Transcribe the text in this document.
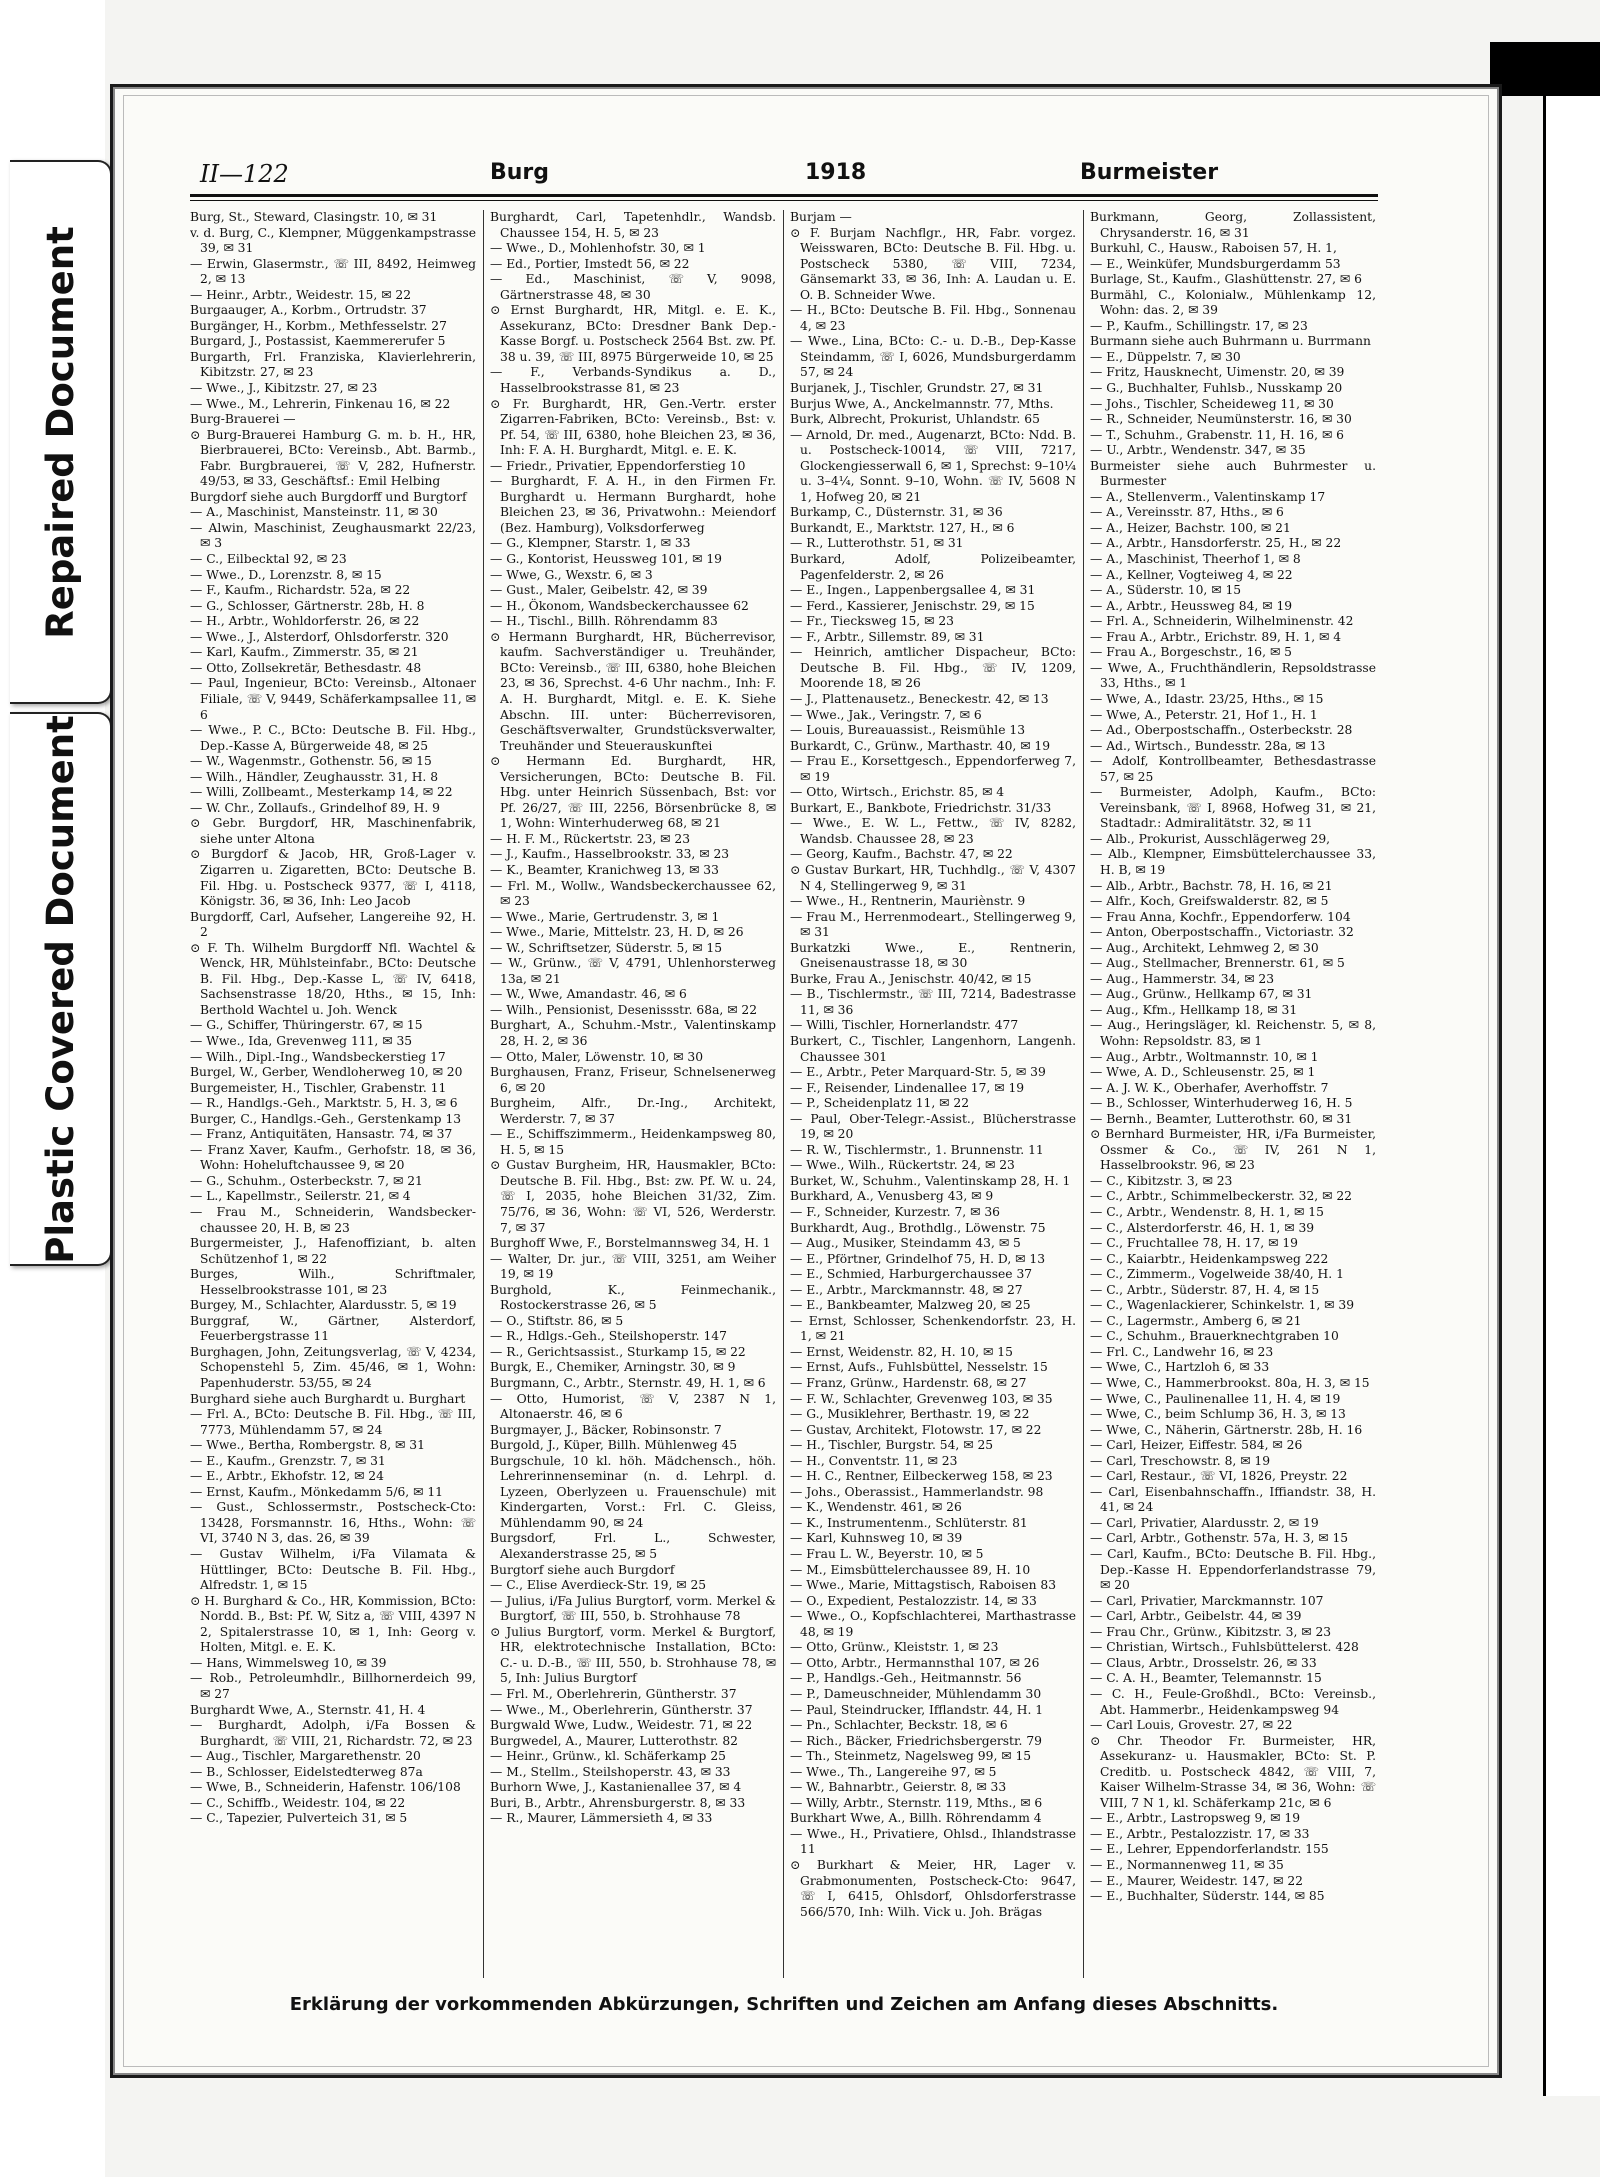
Repaired Document
Plastic Covered Document
II—122	Burg	1918	Burmeister

Burg, St., Steward, Clasingstr. 10, ✉ 31

v. d. Burg, C., Klempner, Müggenkampstrasse 39, ✉ 31

— Erwin, Glasermstr., ☏ III, 8492, Heimweg 2, ✉ 13

— Heinr., Arbtr., Weidestr. 15, ✉ 22

Burgaauger, A., Korbm., Ortrudstr. 37

Burgänger, H., Korbm., Methfesselstr. 27

Burgard, J., Postassist, Kaemmererufer 5

Burgarth, Frl. Franziska, Klavierlehrerin, Kibitzstr. 27, ✉ 23

— Wwe., J., Kibitzstr. 27, ✉ 23

— Wwe., M., Lehrerin, Finkenau 16, ✉ 22

Burg-Brauerei —

⊙ Burg-Brauerei Hamburg G. m. b. H., HR, Bierbrauerei, BCto: Vereinsb., Abt. Barmb., Fabr. Burgbrauerei, ☏ V, 282, Hufnerstr. 49/53, ✉ 33, Geschäftsf.: Emil Helbing

Burgdorf siehe auch Burgdorff und Burgtorf

— A., Maschinist, Mansteinstr. 11, ✉ 30

— Alwin, Maschinist, Zeughausmarkt 22/23, ✉ 3

— C., Eilbecktal 92, ✉ 23

— Wwe., D., Lorenzstr. 8, ✉ 15

— F., Kaufm., Richardstr. 52a, ✉ 22

— G., Schlosser, Gärtnerstr. 28b, H. 8

— H., Arbtr., Wohldorferstr. 26, ✉ 22

— Wwe., J., Alsterdorf, Ohlsdorferstr. 320

— Karl, Kaufm., Zimmerstr. 35, ✉ 21

— Otto, Zollsekretär, Bethesdastr. 48

— Paul, Ingenieur, BCto: Vereinsb., Altonaer Filiale, ☏ V, 9449, Schäferkampsallee 11, ✉ 6

— Wwe., P. C., BCto: Deutsche B. Fil. Hbg., Dep.-Kasse A, Bürgerweide 48, ✉ 25

— W., Wagenmstr., Gothenstr. 56, ✉ 15

— Wilh., Händler, Zeughausstr. 31, H. 8

— Willi, Zollbeamt., Mesterkamp 14, ✉ 22

— W. Chr., Zollaufs., Grindelhof 89, H. 9

⊙ Gebr. Burgdorf, HR, Maschinenfabrik, siehe unter Altona

⊙ Burgdorf & Jacob, HR, Groß-Lager v. Zigarren u. Zigaretten, BCto: Deutsche B. Fil. Hbg. u. Postscheck 9377, ☏ I, 4118, Königstr. 36, ✉ 36, Inh: Leo Jacob

Burgdorff, Carl, Aufseher, Langereihe 92, H. 2

⊙ F. Th. Wilhelm Burgdorff Nfl. Wachtel & Wenck, HR, Mühlsteinfabr., BCto: Deutsche B. Fil. Hbg., Dep.-Kasse L, ☏ IV, 6418, Sachsenstrasse 18/20, Hths., ✉ 15, Inh: Berthold Wachtel u. Joh. Wenck

— G., Schiffer, Thüringerstr. 67, ✉ 15

— Wwe., Ida, Grevenweg 111, ✉ 35

— Wilh., Dipl.-Ing., Wandsbeckerstieg 17

Burgel, W., Gerber, Wendloherweg 10, ✉ 20

Burgemeister, H., Tischler, Grabenstr. 11

— R., Handlgs.-Geh., Marktstr. 5, H. 3, ✉ 6

Burger, C., Handlgs.-Geh., Gerstenkamp 13

— Franz, Antiquitäten, Hansastr. 74, ✉ 37

— Franz Xaver, Kaufm., Gerhofstr. 18, ✉ 36, Wohn: Hoheluftchaussee 9, ✉ 20

— G., Schuhm., Osterbeckstr. 7, ✉ 21

— L., Kapellmstr., Seilerstr. 21, ✉ 4

— Frau M., Schneiderin, Wandsbecker-chaussee 20, H. B, ✉ 23

Burgermeister, J., Hafenoffiziant, b. alten Schützenhof 1, ✉ 22

Burges, Wilh., Schriftmaler, Hesselbrookstrasse 101, ✉ 23

Burgey, M., Schlachter, Alardusstr. 5, ✉ 19

Burggraf, W., Gärtner, Alsterdorf, Feuerbergstrasse 11

Burghagen, John, Zeitungsverlag, ☏ V, 4234, Schopenstehl 5, Zim. 45/46, ✉ 1, Wohn: Papenhuderstr. 53/55, ✉ 24

Burghard siehe auch Burghardt u. Burghart

— Frl. A., BCto: Deutsche B. Fil. Hbg., ☏ III, 7773, Mühlendamm 57, ✉ 24

— Wwe., Bertha, Rombergstr. 8, ✉ 31

— E., Kaufm., Grenzstr. 7, ✉ 31

— E., Arbtr., Ekhofstr. 12, ✉ 24

— Ernst, Kaufm., Mönkedamm 5/6, ✉ 11

— Gust., Schlossermstr., Postscheck-Cto: 13428, Forsmannstr. 16, Hths., Wohn: ☏ VI, 3740 N 3, das. 26, ✉ 39

— Gustav Wilhelm, i/Fa Vilamata & Hüttlinger, BCto: Deutsche B. Fil. Hbg., Alfredstr. 1, ✉ 15

⊙ H. Burghard & Co., HR, Kommission, BCto: Nordd. B., Bst: Pf. W, Sitz a, ☏ VIII, 4397 N 2, Spitalerstrasse 10, ✉ 1, Inh: Georg v. Holten, Mitgl. e. E. K.

— Hans, Wimmelsweg 10, ✉ 39

— Rob., Petroleumhdlr., Billhornerdeich 99, ✉ 27

Burghardt Wwe, A., Sternstr. 41, H. 4

— Burghardt, Adolph, i/Fa Bossen & Burghardt, ☏ VIII, 21, Richardstr. 72, ✉ 23

— Aug., Tischler, Margarethenstr. 20

— B., Schlosser, Eidelstedterweg 87a

— Wwe, B., Schneiderin, Hafenstr. 106/108

— C., Schiffb., Weidestr. 104, ✉ 22

— C., Tapezier, Pulverteich 31, ✉ 5

Burghardt, Carl, Tapetenhdlr., Wandsb. Chaussee 154, H. 5, ✉ 23

— Wwe., D., Mohlenhofstr. 30, ✉ 1

— Ed., Portier, Imstedt 56, ✉ 22

— Ed., Maschinist, ☏ V, 9098, Gärtnerstrasse 48, ✉ 30

⊙ Ernst Burghardt, HR, Mitgl. e. E. K., Assekuranz, BCto: Dresdner Bank Dep.-Kasse Borgf. u. Postscheck 2564 Bst. zw. Pf. 38 u. 39, ☏ III, 8975 Bürgerweide 10, ✉ 25

— F., Verbands-Syndikus a. D., Hasselbrookstrasse 81, ✉ 23

⊙ Fr. Burghardt, HR, Gen.-Vertr. erster Zigarren-Fabriken, BCto: Vereinsb., Bst: v. Pf. 54, ☏ III, 6380, hohe Bleichen 23, ✉ 36, Inh: F. A. H. Burghardt, Mitgl. e. E. K.

— Friedr., Privatier, Eppendorferstieg 10

— Burghardt, F. A. H., in den Firmen Fr. Burghardt u. Hermann Burghardt, hohe Bleichen 23, ✉ 36, Privatwohn.: Meiendorf (Bez. Hamburg), Volksdorferweg

— G., Klempner, Starstr. 1, ✉ 33

— G., Kontorist, Heussweg 101, ✉ 19

— Wwe, G., Wexstr. 6, ✉ 3

— Gust., Maler, Geibelstr. 42, ✉ 39

— H., Ökonom, Wandsbeckerchaussee 62

— H., Tischl., Billh. Röhrendamm 83

⊙ Hermann Burghardt, HR, Bücherrevisor, kaufm. Sachverständiger u. Treuhänder, BCto: Vereinsb., ☏ III, 6380, hohe Bleichen 23, ✉ 36, Sprechst. 4-6 Uhr nachm., Inh: F. A. H. Burghardt, Mitgl. e. E. K. Siehe Abschn. III. unter: Bücherrevisoren, Geschäftsverwalter, Grundstücksverwalter, Treuhänder und Steuerauskunftei

⊙ Hermann Ed. Burghardt, HR, Versicherungen, BCto: Deutsche B. Fil. Hbg. unter Heinrich Süssenbach, Bst: vor Pf. 26/27, ☏ III, 2256, Börsenbrücke 8, ✉ 1, Wohn: Winterhuderweg 68, ✉ 21

— H. F. M., Rückertstr. 23, ✉ 23

— J., Kaufm., Hasselbrookstr. 33, ✉ 23

— K., Beamter, Kranichweg 13, ✉ 33

— Frl. M., Wollw., Wandsbeckerchaussee 62, ✉ 23

— Wwe., Marie, Gertrudenstr. 3, ✉ 1

— Wwe., Marie, Mittelstr. 23, H. D, ✉ 26

— W., Schriftsetzer, Süderstr. 5, ✉ 15

— W., Grünw., ☏ V, 4791, Uhlenhorsterweg 13a, ✉ 21

— W., Wwe, Amandastr. 46, ✉ 6

— Wilh., Pensionist, Desenissstr. 68a, ✉ 22

Burghart, A., Schuhm.-Mstr., Valentinskamp 28, H. 2, ✉ 36

— Otto, Maler, Löwenstr. 10, ✉ 30

Burghausen, Franz, Friseur, Schnelsenerweg 6, ✉ 20

Burgheim, Alfr., Dr.-Ing., Architekt, Werderstr. 7, ✉ 37

— E., Schiffszimmerm., Heidenkampsweg 80, H. 5, ✉ 15

⊙ Gustav Burgheim, HR, Hausmakler, BCto: Deutsche B. Fil. Hbg., Bst: zw. Pf. W. u. 24, ☏ I, 2035, hohe Bleichen 31/32, Zim. 75/76, ✉ 36, Wohn: ☏ VI, 526, Werderstr. 7, ✉ 37

Burghoff Wwe, F., Borstelmannsweg 34, H. 1

— Walter, Dr. jur., ☏ VIII, 3251, am Weiher 19, ✉ 19

Burghold, K., Feinmechanik., Rostockerstrasse 26, ✉ 5

— O., Stiftstr. 86, ✉ 5

— R., Hdlgs.-Geh., Steilshoperstr. 147

— R., Gerichtsassist., Sturkamp 15, ✉ 22

Burgk, E., Chemiker, Arningstr. 30, ✉ 9

Burgmann, C., Arbtr., Sternstr. 49, H. 1, ✉ 6

— Otto, Humorist, ☏ V, 2387 N 1, Altonaerstr. 46, ✉ 6

Burgmayer, J., Bäcker, Robinsonstr. 7

Burgold, J., Küper, Billh. Mühlenweg 45

Burgschule, 10 kl. höh. Mädchensch., höh. Lehrerinnenseminar (n. d. Lehrpl. d. Lyzeen, Oberlyzeen u. Frauenschule) mit Kindergarten, Vorst.: Frl. C. Gleiss, Mühlendamm 90, ✉ 24

Burgsdorf, Frl. L., Schwester, Alexanderstrasse 25, ✉ 5

Burgtorf siehe auch Burgdorf

— C., Elise Averdieck-Str. 19, ✉ 25

— Julius, i/Fa Julius Burgtorf, vorm. Merkel & Burgtorf, ☏ III, 550, b. Strohhause 78

⊙ Julius Burgtorf, vorm. Merkel & Burgtorf, HR, elektrotechnische Installation, BCto: C.- u. D.-B., ☏ III, 550, b. Strohhause 78, ✉ 5, Inh: Julius Burgtorf

— Frl. M., Oberlehrerin, Güntherstr. 37

— Wwe., M., Oberlehrerin, Güntherstr. 37

Burgwald Wwe, Ludw., Weidestr. 71, ✉ 22

Burgwedel, A., Maurer, Lutterothstr. 82

— Heinr., Grünw., kl. Schäferkamp 25

— M., Stellm., Steilshoperstr. 43, ✉ 33

Burhorn Wwe, J., Kastanienallee 37, ✉ 4

Buri, B., Arbtr., Ahrensburgerstr. 8, ✉ 33

— R., Maurer, Lämmersieth 4, ✉ 33

Burjam —

⊙ F. Burjam Nachflgr., HR, Fabr. vorgez. Weisswaren, BCto: Deutsche B. Fil. Hbg. u. Postscheck 5380, ☏ VIII, 7234, Gänsemarkt 33, ✉ 36, Inh: A. Laudan u. E. O. B. Schneider Wwe.

— H., BCto: Deutsche B. Fil. Hbg., Sonnenau 4, ✉ 23

— Wwe., Lina, BCto: C.- u. D.-B., Dep-Kasse Steindamm, ☏ I, 6026, Mundsburgerdamm 57, ✉ 24

Burjanek, J., Tischler, Grundstr. 27, ✉ 31

Burjus Wwe, A., Anckelmannstr. 77, Mths.

Burk, Albrecht, Prokurist, Uhlandstr. 65

— Arnold, Dr. med., Augenarzt, BCto: Ndd. B. u. Postscheck-10014, ☏ VIII, 7217, Glockengiesserwall 6, ✉ 1, Sprechst: 9–10¼ u. 3–4¼, Sonnt. 9–10, Wohn. ☏ IV, 5608 N 1, Hofweg 20, ✉ 21

Burkamp, C., Düsternstr. 31, ✉ 36

Burkandt, E., Marktstr. 127, H., ✉ 6

— R., Lutterothstr. 51, ✉ 31

Burkard, Adolf, Polizeibeamter, Pagenfelderstr. 2, ✉ 26

— E., Ingen., Lappenbergsallee 4, ✉ 31

— Ferd., Kassierer, Jenischstr. 29, ✉ 15

— Fr., Tiecksweg 15, ✉ 23

— F., Arbtr., Sillemstr. 89, ✉ 31

— Heinrich, amtlicher Dispacheur, BCto: Deutsche B. Fil. Hbg., ☏ IV, 1209, Moorende 18, ✉ 26

— J., Plattenausetz., Beneckestr. 42, ✉ 13

— Wwe., Jak., Veringstr. 7, ✉ 6

— Louis, Bureauassist., Reismühle 13

Burkardt, C., Grünw., Marthastr. 40, ✉ 19

— Frau E., Korsettgesch., Eppendorferweg 7, ✉ 19

— Otto, Wirtsch., Erichstr. 85, ✉ 4

Burkart, E., Bankbote, Friedrichstr. 31/33

— Wwe., E. W. L., Fettw., ☏ IV, 8282, Wandsb. Chaussee 28, ✉ 23

— Georg, Kaufm., Bachstr. 47, ✉ 22

⊙ Gustav Burkart, HR, Tuchhdlg., ☏ V, 4307 N 4, Stellingerweg 9, ✉ 31

— Wwe., H., Rentnerin, Mauriènstr. 9

— Frau M., Herrenmodeart., Stellingerweg 9, ✉ 31

Burkatzki Wwe., E., Rentnerin, Gneisenaustrasse 18, ✉ 30

Burke, Frau A., Jenischstr. 40/42, ✉ 15

— B., Tischlermstr., ☏ III, 7214, Badestrasse 11, ✉ 36

— Willi, Tischler, Hornerlandstr. 477

Burkert, C., Tischler, Langenhorn, Langenh. Chaussee 301

— E., Arbtr., Peter Marquard-Str. 5, ✉ 39

— F., Reisender, Lindenallee 17, ✉ 19

— P., Scheidenplatz 11, ✉ 22

— Paul, Ober-Telegr.-Assist., Blücherstrasse 19, ✉ 20

— R. W., Tischlermstr., 1. Brunnenstr. 11

— Wwe., Wilh., Rückertstr. 24, ✉ 23

Burket, W., Schuhm., Valentinskamp 28, H. 1

Burkhard, A., Venusberg 43, ✉ 9

— F., Schneider, Kurzestr. 7, ✉ 36

Burkhardt, Aug., Brothdlg., Löwenstr. 75

— Aug., Musiker, Steindamm 43, ✉ 5

— E., Pförtner, Grindelhof 75, H. D, ✉ 13

— E., Schmied, Harburgerchaussee 37

— E., Arbtr., Marckmannstr. 48, ✉ 27

— E., Bankbeamter, Malzweg 20, ✉ 25

— Ernst, Schlosser, Schenkendorfstr. 23, H. 1, ✉ 21

— Ernst, Weidenstr. 82, H. 10, ✉ 15

— Ernst, Aufs., Fuhlsbüttel, Nesselstr. 15

— Franz, Grünw., Hardenstr. 68, ✉ 27

— F. W., Schlachter, Grevenweg 103, ✉ 35

— G., Musiklehrer, Berthastr. 19, ✉ 22

— Gustav, Architekt, Flotowstr. 17, ✉ 22

— H., Tischler, Burgstr. 54, ✉ 25

— H., Conventstr. 11, ✉ 23

— H. C., Rentner, Eilbeckerweg 158, ✉ 23

— Johs., Oberassist., Hammerlandstr. 98

— K., Wendenstr. 461, ✉ 26

— K., Instrumentenm., Schlüterstr. 81

— Karl, Kuhnsweg 10, ✉ 39

— Frau L. W., Beyerstr. 10, ✉ 5

— M., Eimsbüttelerchaussee 89, H. 10

— Wwe., Marie, Mittagstisch, Raboisen 83

— O., Expedient, Pestalozzistr. 14, ✉ 33

— Wwe., O., Kopfschlachterei, Marthastrasse 48, ✉ 19

— Otto, Grünw., Kleiststr. 1, ✉ 23

— Otto, Arbtr., Hermannsthal 107, ✉ 26

— P., Handlgs.-Geh., Heitmannstr. 56

— P., Dameuschneider, Mühlendamm 30

— Paul, Steindrucker, Ifflandstr. 44, H. 1

— Pn., Schlachter, Beckstr. 18, ✉ 6

— Rich., Bäcker, Friedrichsbergerstr. 79

— Th., Steinmetz, Nagelsweg 99, ✉ 15

— Wwe., Th., Langereihe 97, ✉ 5

— W., Bahnarbtr., Geierstr. 8, ✉ 33

— Willy, Arbtr., Sternstr. 119, Mths., ✉ 6

Burkhart Wwe, A., Billh. Röhrendamm 4

— Wwe., H., Privatiere, Ohlsd., Ihlandstrasse 11

⊙ Burkhart & Meier, HR, Lager v. Grabmonumenten, Postscheck-Cto: 9647, ☏ I, 6415, Ohlsdorf, Ohlsdorferstrasse 566/570, Inh: Wilh. Vick u. Joh. Brägas

Burkmann, Georg, Zollassistent, Chrysanderstr. 16, ✉ 31

Burkuhl, C., Hausw., Raboisen 57, H. 1,

— E., Weinküfer, Mundsburgerdamm 53

Burlage, St., Kaufm., Glashüttenstr. 27, ✉ 6

Burmähl, C., Kolonialw., Mühlenkamp 12, Wohn: das. 2, ✉ 39

— P., Kaufm., Schillingstr. 17, ✉ 23

Burmann siehe auch Buhrmann u. Burrmann

— E., Düppelstr. 7, ✉ 30

— Fritz, Hausknecht, Uimenstr. 20, ✉ 39

— G., Buchhalter, Fuhlsb., Nusskamp 20

— Johs., Tischler, Scheideweg 11, ✉ 30

— R., Schneider, Neumünsterstr. 16, ✉ 30

— T., Schuhm., Grabenstr. 11, H. 16, ✉ 6

— U., Arbtr., Wendenstr. 347, ✉ 35

Burmeister siehe auch Buhrmester u. Burmester

— A., Stellenverm., Valentinskamp 17

— A., Vereinsstr. 87, Hths., ✉ 6

— A., Heizer, Bachstr. 100, ✉ 21

— A., Arbtr., Hansdorferstr. 25, H., ✉ 22

— A., Maschinist, Theerhof 1, ✉ 8

— A., Kellner, Vogteiweg 4, ✉ 22

— A., Süderstr. 10, ✉ 15

— A., Arbtr., Heussweg 84, ✉ 19

— Frl. A., Schneiderin, Wilhelminenstr. 42

— Frau A., Arbtr., Erichstr. 89, H. 1, ✉ 4

— Frau A., Borgeschstr., 16, ✉ 5

— Wwe, A., Fruchthändlerin, Repsoldstrasse 33, Hths., ✉ 1

— Wwe, A., Idastr. 23/25, Hths., ✉ 15

— Wwe, A., Peterstr. 21, Hof 1., H. 1

— Ad., Oberpostschaffn., Osterbeckstr. 28

— Ad., Wirtsch., Bundesstr. 28a, ✉ 13

— Adolf, Kontrollbeamter, Bethesdastrasse 57, ✉ 25

— Burmeister, Adolph, Kaufm., BCto: Vereinsbank, ☏ I, 8968, Hofweg 31, ✉ 21, Stadtadr.: Admiralitätstr. 32, ✉ 11

— Alb., Prokurist, Ausschlägerweg 29,

— Alb., Klempner, Eimsbüttelerchaussee 33, H. B, ✉ 19

— Alb., Arbtr., Bachstr. 78, H. 16, ✉ 21

— Alfr., Koch, Greifswalderstr. 82, ✉ 5

— Frau Anna, Kochfr., Eppendorferw. 104

— Anton, Oberpostschaffn., Victoriastr. 32

— Aug., Architekt, Lehmweg 2, ✉ 30

— Aug., Stellmacher, Brennerstr. 61, ✉ 5

— Aug., Hammerstr. 34, ✉ 23

— Aug., Grünw., Hellkamp 67, ✉ 31

— Aug., Kfm., Hellkamp 18, ✉ 31

— Aug., Heringsläger, kl. Reichenstr. 5, ✉ 8, Wohn: Repsoldstr. 83, ✉ 1

— Aug., Arbtr., Woltmannstr. 10, ✉ 1

— Wwe, A. D., Schleusenstr. 25, ✉ 1

— A. J. W. K., Oberhafer, Averhoffstr. 7

— B., Schlosser, Winterhuderweg 16, H. 5

— Bernh., Beamter, Lutterothstr. 60, ✉ 31

⊙ Bernhard Burmeister, HR, i/Fa Burmeister, Ossmer & Co., ☏ IV, 261 N 1, Hasselbrookstr. 96, ✉ 23

— C., Kibitzstr. 3, ✉ 23

— C., Arbtr., Schimmelbeckerstr. 32, ✉ 22

— C., Arbtr., Wendenstr. 8, H. 1, ✉ 15

— C., Alsterdorferstr. 46, H. 1, ✉ 39

— C., Fruchtallee 78, H. 17, ✉ 19

— C., Kaiarbtr., Heidenkampsweg 222

— C., Zimmerm., Vogelweide 38/40, H. 1

— C., Arbtr., Süderstr. 87, H. 4, ✉ 15

— C., Wagenlackierer, Schinkelstr. 1, ✉ 39

— C., Lagermstr., Amberg 6, ✉ 21

— C., Schuhm., Brauerknechtgraben 10

— Frl. C., Landwehr 16, ✉ 23

— Wwe, C., Hartzloh 6, ✉ 33

— Wwe, C., Hammerbrookst. 80a, H. 3, ✉ 15

— Wwe, C., Paulinenallee 11, H. 4, ✉ 19

— Wwe, C., beim Schlump 36, H. 3, ✉ 13

— Wwe, C., Näherin, Gärtnerstr. 28b, H. 16

— Carl, Heizer, Eiffestr. 584, ✉ 26

— Carl, Treschowstr. 8, ✉ 19

— Carl, Restaur., ☏ VI, 1826, Preystr. 22

— Carl, Eisenbahnschaffn., Iffiandstr. 38, H. 41, ✉ 24

— Carl, Privatier, Alardusstr. 2, ✉ 19

— Carl, Arbtr., Gothenstr. 57a, H. 3, ✉ 15

— Carl, Kaufm., BCto: Deutsche B. Fil. Hbg., Dep.-Kasse H. Eppendorferlandstrasse 79, ✉ 20

— Carl, Privatier, Marckmannstr. 107

— Carl, Arbtr., Geibelstr. 44, ✉ 39

— Frau Chr., Grünw., Kibitzstr. 3, ✉ 23

— Christian, Wirtsch., Fuhlsbüttelerst. 428

— Claus, Arbtr., Drosselstr. 26, ✉ 33

— C. A. H., Beamter, Telemannstr. 15

— C. H., Feule-Großhdl., BCto: Vereinsb., Abt. Hammerbr., Heidenkampsweg 94

— Carl Louis, Grovestr. 27, ✉ 22

⊙ Chr. Theodor Fr. Burmeister, HR, Assekuranz- u. Hausmakler, BCto: St. P. Creditb. u. Postscheck 4842, ☏ VIII, 7, Kaiser Wilhelm-Strasse 34, ✉ 36, Wohn: ☏ VIII, 7 N 1, kl. Schäferkamp 21c, ✉ 6

— E., Arbtr., Lastropsweg 9, ✉ 19

— E., Arbtr., Pestalozzistr. 17, ✉ 33

— E., Lehrer, Eppendorferlandstr. 155

— E., Normannenweg 11, ✉ 35

— E., Maurer, Weidestr. 147, ✉ 22

— E., Buchhalter, Süderstr. 144, ✉ 85

Erklärung der vorkommenden Abkürzungen, Schriften und Zeichen am Anfang dieses Abschnitts.
